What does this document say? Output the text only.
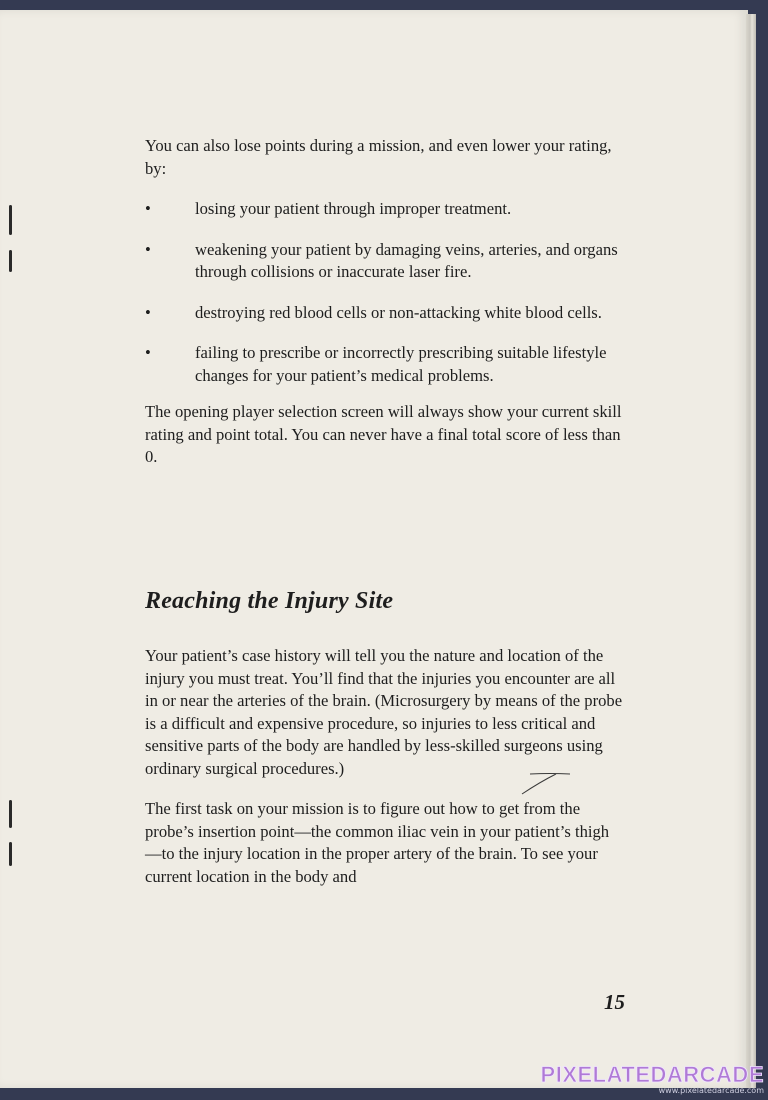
You can also lose points during a mission, and even lower your rating, by:

•	losing your patient through improper treatment.
•	weakening your patient by damaging veins, arteries, and organs through collisions or inaccurate laser fire.
•	destroying red blood cells or non-attacking white blood cells.
•	failing to prescribe or incorrectly prescribing suitable lifestyle changes for your patient’s medical problems.

The opening player selection screen will always show your current skill rating and point total. You can never have a final total score of less than 0.

Reaching the Injury Site

Your patient’s case history will tell you the nature and location of the injury you must treat. You’ll find that the injuries you encounter are all in or near the arteries of the brain. (Microsurgery by means of the probe is a difficult and expensive procedure, so injuries to less critical and sensitive parts of the body are handled by less-skilled surgeons using ordinary surgical procedures.)

The first task on your mission is to figure out how to get from the probe’s insertion point—the common iliac vein in your patient’s thigh—to the injury location in the proper artery of the brain. To see your current location in the body and

15
PIXELATEDARCADE
www.pixelatedarcade.com
